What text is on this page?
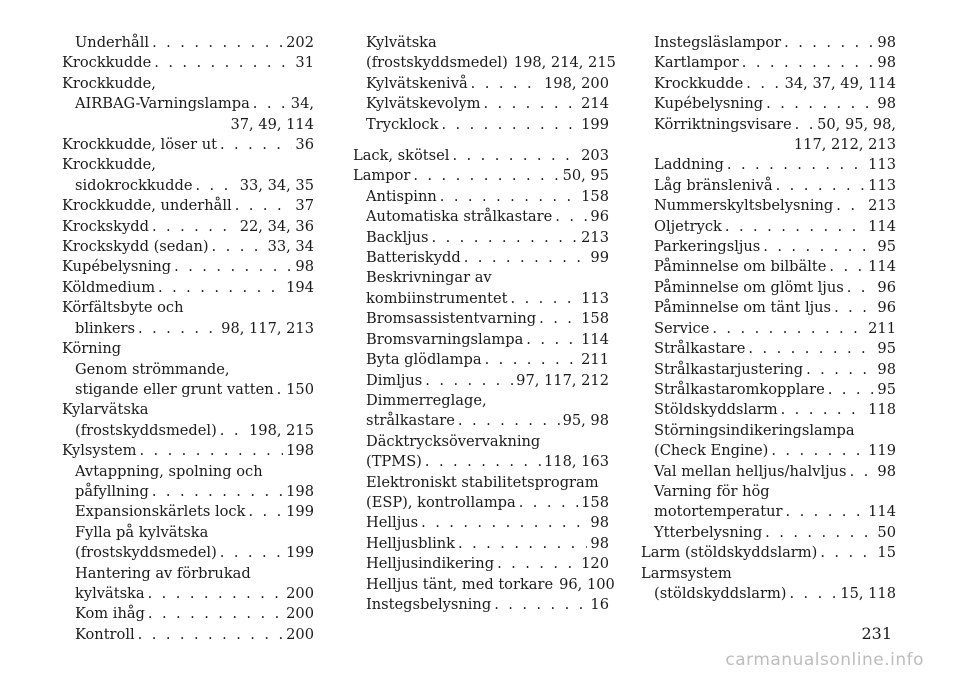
Underhåll . . .	202
Krockkudde . . .	31
Krockkudde,
AIRBAG-Varningslampa . . .	34,
37, 49, 114
Krockkudde, löser ut . . .	36
Krockkudde,
sidokrockkudde . . .	33, 34, 35
Krockkudde, underhåll . . .	37
Krockskydd . . .	22, 34, 36
Krockskydd (sedan) . . .	33, 34
Kupébelysning . . .	98
Köldmedium . . .	194
Körfältsbyte och
blinkers . . .	98, 117, 213
Körning
Genom strömmande,
stigande eller grunt vatten . . . 150
Kylarvätska
(frostskyddsmedel) . . . 198, 215
Kylsystem . . .	198
Avtappning, spolning och
påfyllning . . .	198
Expansionskärlets lock . . .	199
Fylla på kylvätska
(frostskyddsmedel) . . .	199
Hantering av förbrukad
kylvätska . . .	200
Kom ihåg . . .	200
Kontroll . . .	200
Kylvätska
(frostskyddsmedel) 198, 214, 215
Kylvätskenivå . . .	198, 200
Kylvätskevolym . . .	214
Trycklock . . .	199
Lack, skötsel . . .	203
Lampor . . .	50, 95
Antispinn . . .	158
Automatiska strålkastare . . .	96
Backljus . . .	213
Batteriskydd . . .	99
Beskrivningar av
kombiinstrumentet . . .	113
Bromsassistentvarning . . .	158
Bromsvarningslampa . . .	114
Byta glödlampa . . .	211
Dimljus . . .	97, 117, 212
Dimmerreglage,
strålkastare . . .	95, 98
Däcktrycksövervakning
(TPMS) . . .	118, 163
Elektroniskt stabilitetsprogram
(ESP), kontrollampa . . .	158
Helljus . . .	98
Helljusblink . . .	98
Helljusindikering . . .	120
Helljus tänt, med torkare 96, 100
Instegsbelysning . . .	16
Instegsläslampor . . .	98
Kartlampor . . .	98
Krockkudde . . .	34, 37, 49, 114
Kupébelysning . . .	98
Körriktningsvisare . . . 50, 95, 98,
117, 212, 213
Laddning . . .	113
Låg bränslenivå . . .	113
Nummerskyltsbelysning . . . 213
Oljetryck . . .	114
Parkeringsljus . . .	95
Påminnelse om bilbälte . . .	114
Påminnelse om glömt ljus . . . 96
Påminnelse om tänt ljus . . .	96
Service . . .	211
Strålkastare . . .	95
Strålkastarjustering . . .	98
Strålkastaromkopplare . . .	95
Stöldskyddslarm . . .	118
Störningsindikeringslampa
(Check Engine) . . .	119
Val mellan helljus/halvljus . . . 98
Varning för hög
motortemperatur . . .	114
Ytterbelysning . . .	50
Larm (stöldskyddslarm) . . .	15
Larmsystem
(stöldskyddslarm) . . .	15, 118
231
carmanualsonline.info
